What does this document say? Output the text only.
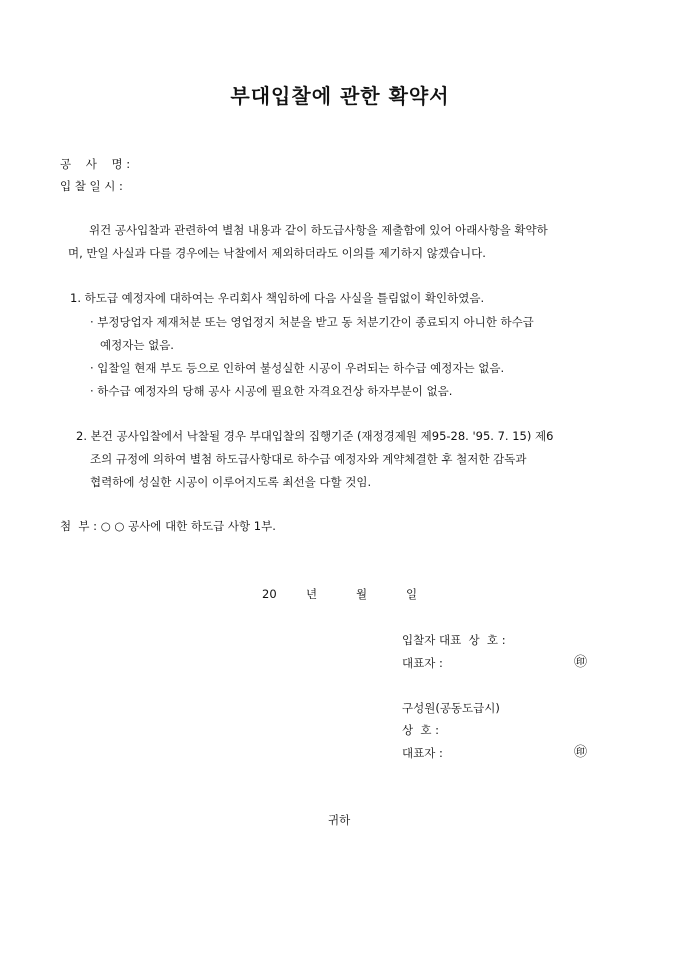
부대입찰에 관한 확약서
공    사    명 :
입 찰 일 시 :
위건 공사입찰과 관련하여 별첨 내용과 같이 하도급사항을 제출함에 있어 아래사항을 확약하
며, 만일 사실과 다를 경우에는 낙찰에서 제외하더라도 이의를 제기하지 않겠습니다.
1. 하도급 예정자에 대하여는 우리회사 책임하에 다음 사실을 틀림없이 확인하였음.
· 부정당업자 제재처분 또는 영업정지 처분을 받고 동 처분기간이 종료되지 아니한 하수급
예정자는 없음.
· 입찰일 현재 부도 등으로 인하여 불성실한 시공이 우려되는 하수급 예정자는 없음.
· 하수급 예정자의 당해 공사 시공에 필요한 자격요건상 하자부분이 없음.
2. 본건 공사입찰에서 낙찰될 경우 부대입찰의 집행기준 (재정경제원 제95-28. '95. 7. 15) 제6
조의 규정에 의하여 별첨 하도급사항대로 하수급 예정자와 계약체결한 후 철저한 감독과
협력하에 성실한 시공이 이루어지도록 최선을 다할 것임.
첨  부 : ○ ○ 공사에 대한 하도급 사항 1부.
20	년	월	일
입찰자 대표  상  호 :
대표자 :	㊞
구성원(공동도급시)
상  호 :
대표자 :	㊞
귀하
